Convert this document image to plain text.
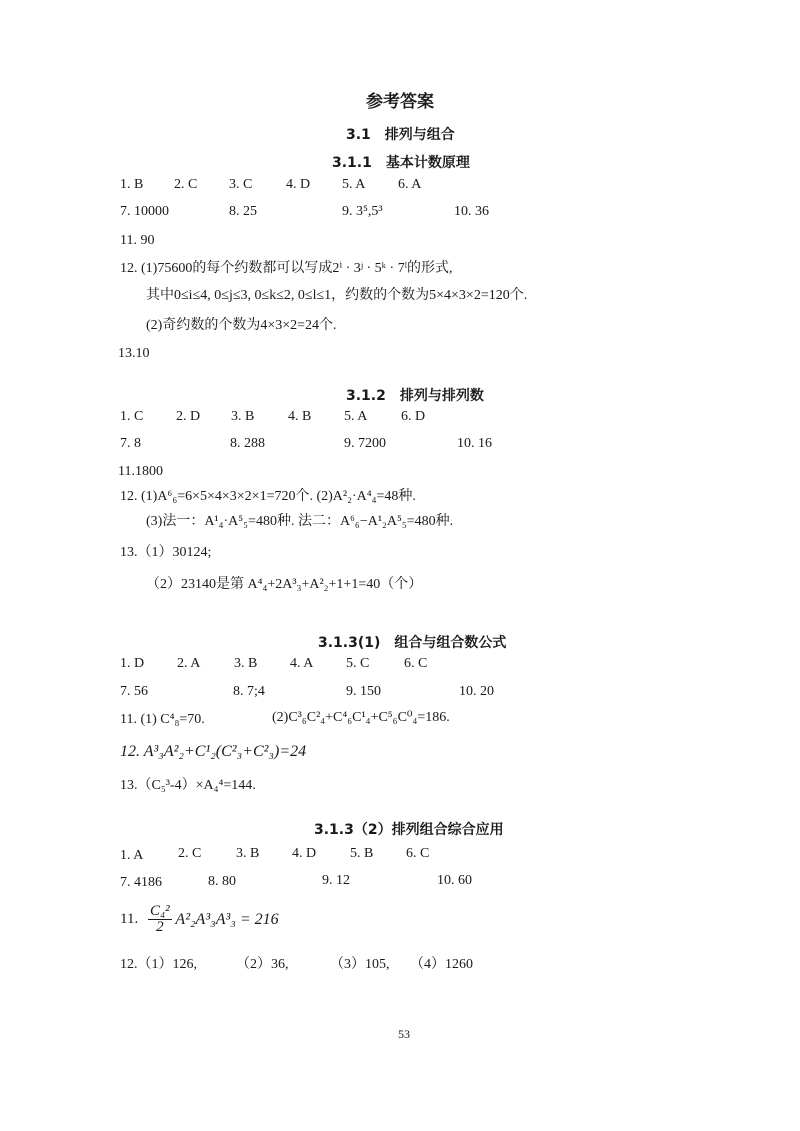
参考答案
3.1　排列与组合
3.1.1　基本计数原理
1. B 2. C 3. C 4. D 5. A 6. A
7. 10000	8. 25	9. 3⁵,5³	10. 36
11. 90
12. (1)75600的每个约数都可以写成2ⁱ · 3ʲ · 5ᵏ · 7ˡ的形式,
其中0≤i≤4, 0≤j≤3, 0≤k≤2, 0≤l≤1，约数的个数为5×4×3×2=120个.
(2)奇约数的个数为4×3×2=24个.
13.10
3.1.2　排列与排列数
1. C 2. D 3. B 4. B 5. A 6. D
7. 8	8. 288	9. 7200	10. 16
11.1800
12. (1)A⁶₆=6×5×4×3×2×1=720个. (2)A²₂·A⁴₄=48种.
(3)法一：A¹₄·A⁵₅=480种. 法二：A⁶₆−A¹₂A⁵₅=480种.
13.（1）30124;
（2）23140是第 A⁴₄+2A³₃+A²₂+1+1=40（个）
3.1.3(1)　组合与组合数公式
1. D 2. A 3. B 4. A 5. C 6. C
7. 56	8. 7;4	9. 150	10. 20
11. (1) C⁴₈=70.	(2)C³₆C²₄+C⁴₆C¹₄+C⁵₆C⁰₄=186.
12. A³₃A²₂+C¹₂(C²₃+C²₃)=24
13.（C₅³-4）×A₄⁴=144.
3.1.3（2）排列组合综合应用
1. A 2. C 3. B 4. D 5. B 6. C
7. 4186	8. 80	9. 12	10. 60
11. $\frac{\text{C₄²}}{2} A^2_2A^3_3A^3_3 = 216$
12.（1）126,	（2）36,	（3）105, （4）1260
53
